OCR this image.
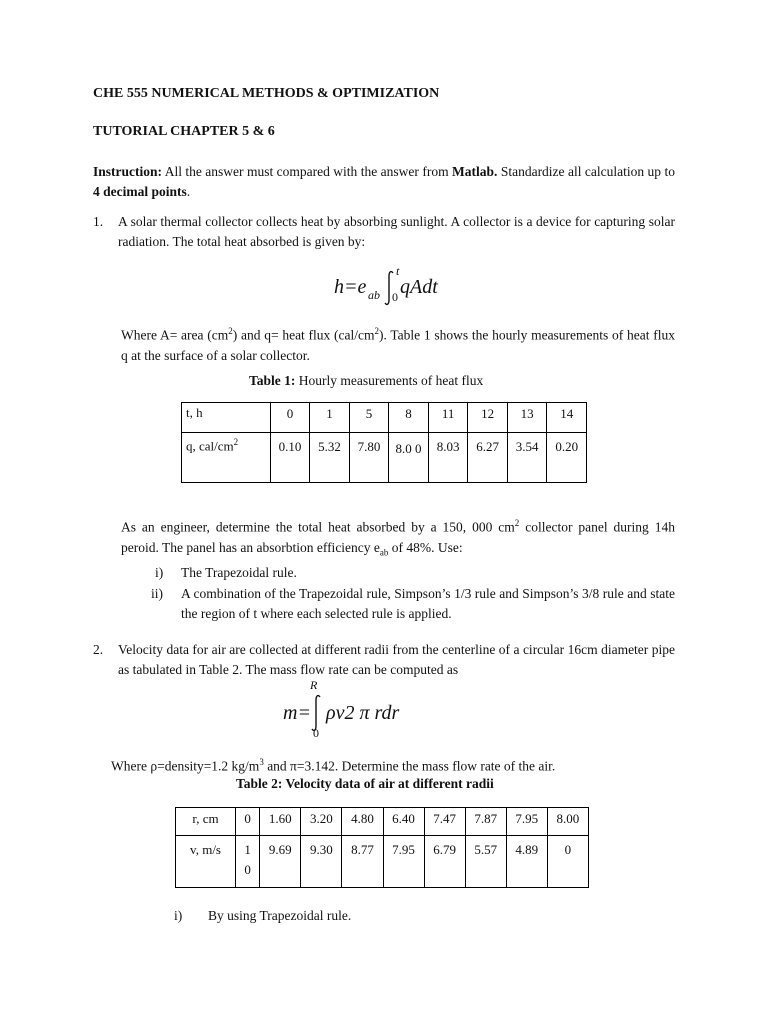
CHE 555 NUMERICAL METHODS & OPTIMIZATION
TUTORIAL CHAPTER 5 & 6
Instruction: All the answer must compared with the answer from Matlab. Standardize all calculation up to 4 decimal points.
1. A solar thermal collector collects heat by absorbing sunlight. A collector is a device for capturing solar radiation. The total heat absorbed is given by:
h=e ab
t
0 qAdt
Where A= area $(cm^2)$ and q= heat flux $(cal/cm^2)$. Table 1 shows the hourly measurements of heat flux q at the surface of a solar collector.
Table 1: Hourly measurements of heat flux
t, h	0	1	5	8	11	12	13	14
q, cal/$cm^2$	0.10	5.32	7.80	8.0 0	8.03	6.27	3.54	0.20
As an engineer, determine the total heat absorbed by a 150, 000 $cm^2$ collector panel during 14h peroid. The panel has an absorbtion efficiency $e_{ab}$ of 48%. Use:
i) The Trapezoidal rule.
ii) A combination of the Trapezoidal rule, Simpson’s 1/3 rule and Simpson’s 3/8 rule and state the region of t where each selected rule is applied.
2. Velocity data for air are collected at different radii from the centerline of a circular 16cm diameter pipe as tabulated in Table 2. The mass flow rate can be computed as
R
m=
0
ρv2 π rdr
Where ρ=density=1.2 $kg/m^3$ and π=3.142. Determine the mass flow rate of the air.
Table 2: Velocity data of air at different radii
r, cm	0	1.60	3.20	4.80	6.40	7.47	7.87	7.95	8.00
v, m/s	1 0	9.69	9.30	8.77	7.95	6.79	5.57	4.89	0
i) By using Trapezoidal rule.
